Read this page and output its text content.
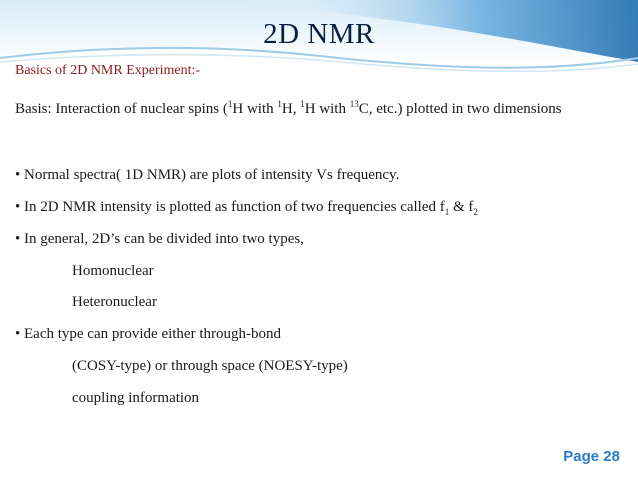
2D NMR
Basics of 2D NMR Experiment:-
Basis: Interaction of nuclear spins ($^1$H with $^1$H, $^1$H with $^{13}$C, etc.) plotted in two dimensions
• Normal spectra( 1D NMR) are plots of intensity Vs frequency.
• In 2D NMR intensity is plotted as function of two frequencies called $f_1$ & $f_2$
• In general, 2D’s can be divided into two types,
Homonuclear
Heteronuclear
• Each type can provide either through-bond
(COSY-type) or through space (NOESY-type)
coupling information
Page 28
